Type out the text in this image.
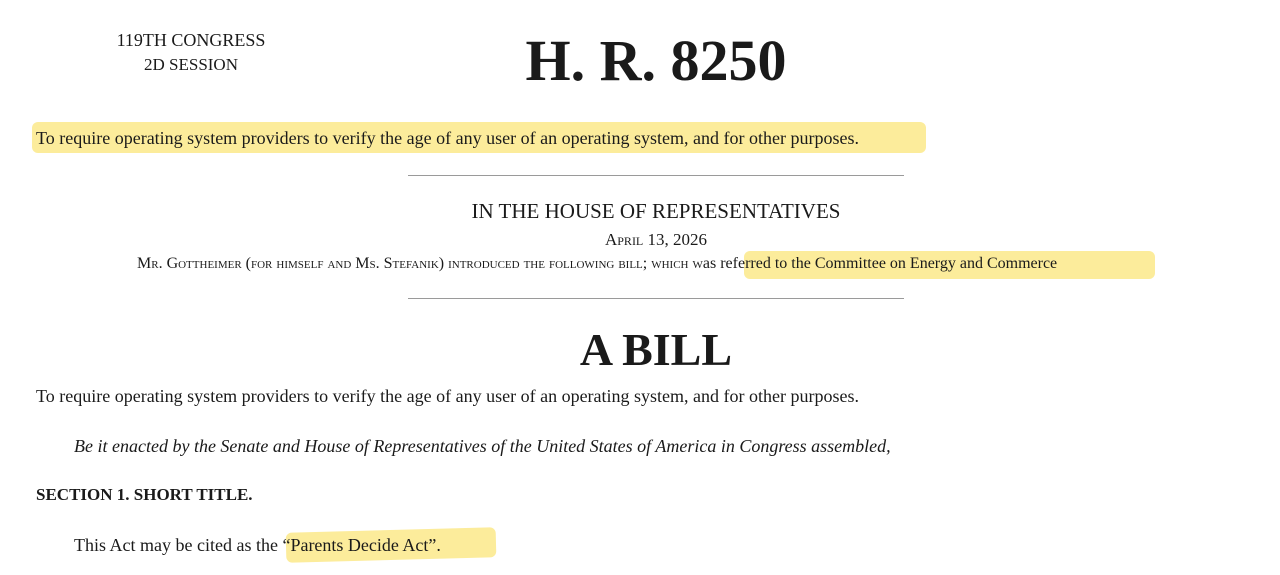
119TH CONGRESS
2D SESSION	H. R. 8250
To require operating system providers to verify the age of any user of an operating system, and for other purposes.
IN THE HOUSE OF REPRESENTATIVES
April 13, 2026
Mr. Gottheimer (for himself and Ms. Stefanik) introduced the following bill; which was referred to the Committee on Energy and Commerce
A BILL
To require operating system providers to verify the age of any user of an operating system, and for other purposes.
Be it enacted by the Senate and House of Representatives of the United States of America in Congress assembled,
SECTION 1. SHORT TITLE.
This Act may be cited as the “Parents Decide Act”.
